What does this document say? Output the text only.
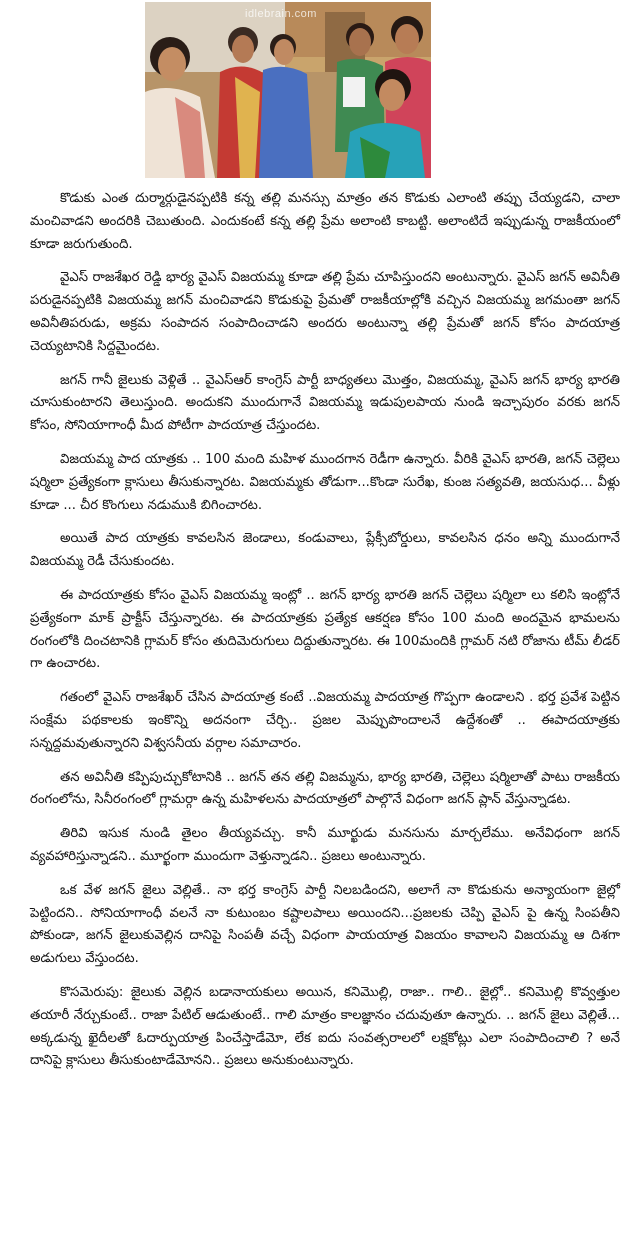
idlebrain.com

కొడుకు ఎంత దుర్మార్గుడైనప్పటికి కన్న తల్లి మనస్సు మాత్రం తన కొడుకు ఎలాంటి తప్పు చేయ్యడని, చాలా మంచివాడని అందరికి చెబుతుంది. ఎందుకంటే కన్న తల్లి ప్రేమ అలాంటి కాబట్టి. అలాంటిదే ఇప్పుడున్న రాజకీయంలో కూడా జరుగుతుంది.

వైఎస్ రాజశేఖర రెడ్డి భార్య వైఎస్ విజయమ్మ కూడా తల్లి ప్రేమ చూపిస్తుందని అంటున్నారు. వైఎస్ జగన్ అవినీతి పరుడైనప్పటికి విజయమ్మ జగన్ మంచివాడని కొడుకుపై ప్రేమతో రాజకీయాల్లోకి వచ్చిన విజయమ్మ జగమంతా జగన్ అవినీతిపరుడు, అక్రమ సంపాదన సంపాదించాడని అందరు అంటున్నా తల్లి ప్రేమతో జగన్ కోసం పాదయాత్ర చెయ్యటానికి సిద్దమైందట.

జగన్ గానీ జైలుకు వెళ్లితే .. వైఎస్ఆర్ కాంగ్రెస్ పార్టీ బాధ్యతలు మొత్తం, విజయమ్మ, వైఎస్ జగన్ భార్య భారతి చూసుకుంటారని తెలుస్తుంది. అందుకని ముందుగానే విజయమ్మ ఇడుపులపాయ నుండి ఇచ్చాపురం వరకు జగన్ కోసం, సోనియాగాంధీ మీద పోటీగా పాదయాత్ర చేస్తుందట.

విజయమ్మ పాద యాత్రకు .. 100 మంది మహిళ ముందగాన రెడీగా ఉన్నారు. వీరికి వైఎస్ భారతి, జగన్ చెల్లెలు షర్మిలా ప్రత్యేకంగా క్లాసులు తీసుకున్నారట. విజయమ్మకు తోడుగా...కొండా సురేఖ, కుంజ సత్యవతి, జయసుధ... వీళ్లు కూడా ... చీర కొంగులు నడుముకి బిగించారట.

అయితే పాద యాత్రకు కావలసిన జెండాలు, కండువాలు, ప్లేక్సీబోర్డులు, కావలసిన ధనం అన్ని ముందుగానే విజయమ్మ రెడీ చేసుకుందట.

ఈ పాదయాత్రకు కోసం వైఎస్ విజయమ్మ ఇంట్లో .. జగన్ భార్య భారతి జగన్ చెల్లెలు షర్మిలా లు కలిసి ఇంట్లోనే ప్రత్యేకంగా మాక్ ప్రాక్టీస్ చేస్తున్నారట. ఈ పాదయాత్రకు ప్రత్యేక ఆకర్షణ కోసం 100 మంది అందమైన భామలను రంగంలోకి దించటానికి గ్లామర్ కోసం తుదిమెరుగులు దిద్దుతున్నారట. ఈ 100మందికి గ్లామర్ నటి రోజాను టీమ్ లీడర్ గా ఉంచారట.

గతంలో వైఎస్ రాజశేఖర్ చేసిన పాదయాత్ర కంటే ..విజయమ్మ పాదయాత్ర గొప్పగా ఉండాలని . భర్త ప్రవేశ పెట్టిన సంక్షేమ పథకాలకు ఇంకొన్ని అదనంగా చేర్చి.. ప్రజల మెప్పుపొందాలనే ఉద్దేశంతో .. ఈపాదయాత్రకు సన్నద్దమవుతున్నారని విశ్వసనీయ వర్గాల సమాచారం.

తన అవినీతి కప్పిపుచ్చుకోటానికి .. జగన్ తన తల్లి విజమ్మను, భార్య భారతి, చెల్లెలు షర్మిలాతో పాటు రాజకీయ రంగంలోను, సినీరంగంలో గ్లామర్గా ఉన్న మహిళలను పాదయాత్రలో పాల్గొనే విధంగా జగన్ ప్లాన్ వేస్తున్నాడట.

తిరివి ఇసుక నుండి తైలం తీయ్యవచ్చు. కానీ మూర్ఖుడు మనసును మార్చలేము. అనేవిధంగా జగన్ వ్యవహారిస్తున్నాడని.. మూర్ఖంగా ముందుగా వెళ్తున్నాడని.. ప్రజలు అంటున్నారు.

ఒక వేళ జగన్ జైలు వెల్లితే.. నా భర్త కాంగ్రెస్ పార్టీ నిలబడిందని, అలాగే నా కొడుకును అన్యాయంగా జైల్లో పెట్టిందని.. సోనియాగాంధీ వలనే నా కుటుంబం కష్టాలపాలు అయిందని...ప్రజలకు చెప్పి వైఎస్ పై ఉన్న సింపతీని పోకుండా, జగన్ జైలుకువెల్లిన దానిపై సింపతీ వచ్చే విధంగా పాయయాత్ర విజయం కావాలని విజయమ్మ ఆ దిశగా అడుగులు వేస్తుందట.

కొసమెరుపు: జైలుకు వెల్లిన బడానాయకులు అయిన, కనిమొల్లి, రాజా.. గాలి.. జైల్లో.. కనిమొల్లి కొవ్వత్తుల తయారీ నేర్చుకుంటే.. రాజా పేటిల్ ఆడుతుంటే.. గాలి మాత్రం కాలజ్ఞానం చదువుతూ ఉన్నారు. .. జగన్ జైలు వెల్లితే... అక్కడున్న ఖైదీలతో ఓదార్పుయాత్ర పించేస్తాడేమో, లేక ఐదు సంవత్సరాలలో లక్షకోట్లు ఎలా సంపాదించాలి ? అనే దానిపై క్లాసులు తీసుకుంటాడేమోనని.. ప్రజలు అనుకుంటున్నారు.
